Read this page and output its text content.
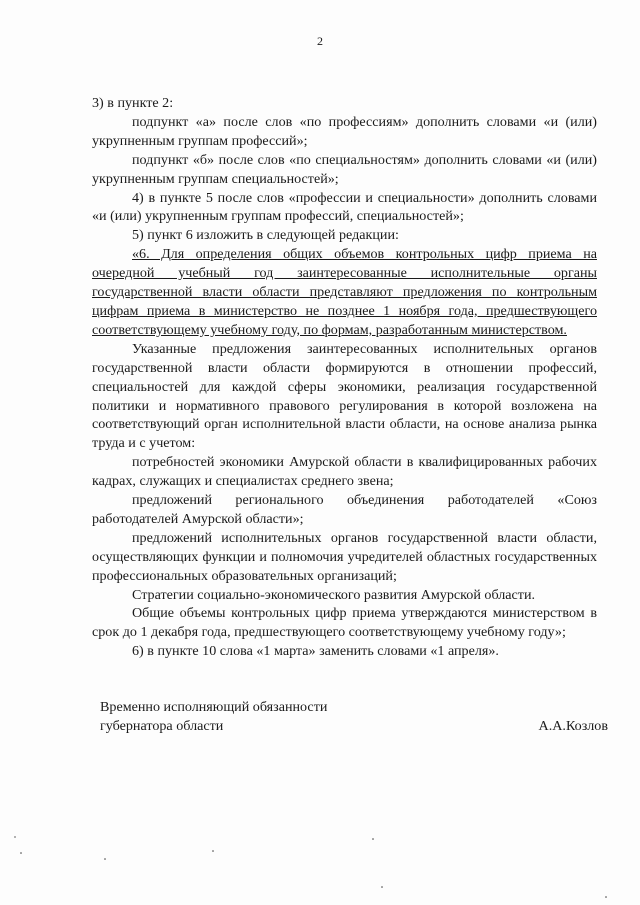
2

3) в пункте 2:

подпункт «а» после слов «по профессиям» дополнить словами «и (или) укрупненным группам профессий»;

подпункт «б» после слов «по специальностям» дополнить словами «и (или) укрупненным группам специальностей»;

4) в пункте 5 после слов «профессии и специальности» дополнить словами «и (или) укрупненным группам профессий, специальностей»;

5) пункт 6 изложить в следующей редакции:

«6. Для определения общих объемов контрольных цифр приема на очередной учебный год заинтересованные исполнительные органы государственной власти области представляют предложения по контрольным цифрам приема в министерство не позднее 1 ноября года, предшествующего соответствующему учебному году, по формам, разработанным министерством.

Указанные предложения заинтересованных исполнительных органов государственной власти области формируются в отношении профессий, специальностей для каждой сферы экономики, реализация государственной политики и нормативного правового регулирования в которой возложена на соответствующий орган исполнительной власти области, на основе анализа рынка труда и с учетом:

потребностей экономики Амурской области в квалифицированных рабочих кадрах, служащих и специалистах среднего звена;

предложений регионального объединения работодателей «Союз работодателей Амурской области»;

предложений исполнительных органов государственной власти области, осуществляющих функции и полномочия учредителей областных государственных профессиональных образовательных организаций;

Стратегии социально-экономического развития Амурской области.

Общие объемы контрольных цифр приема утверждаются министерством в срок до 1 декабря года, предшествующего соответствующему учебному году»;

6) в пункте 10 слова «1 марта» заменить словами «1 апреля».

Временно исполняющий обязанности
губернатора области	А.А.Козлов
